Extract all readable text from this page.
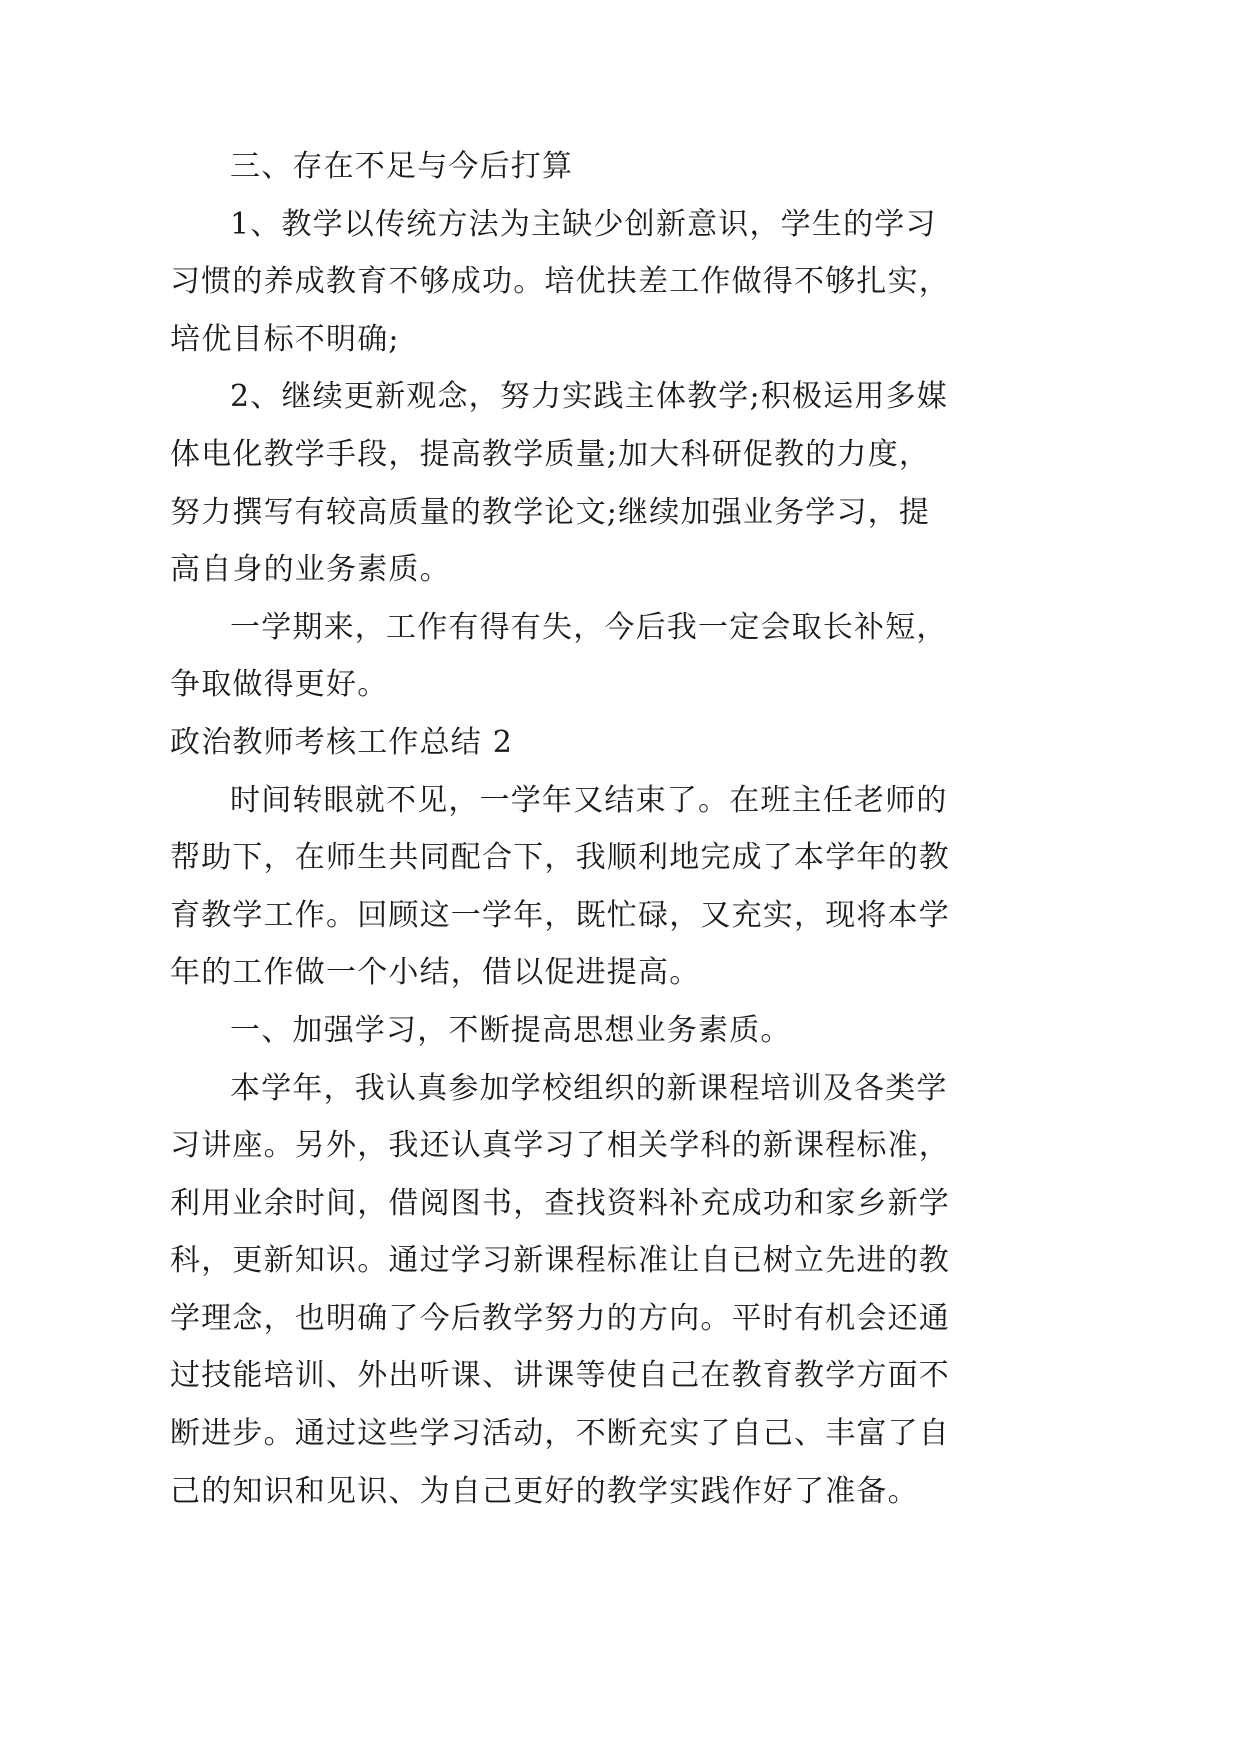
三、存在不足与今后打算

1、教学以传统方法为主缺少创新意识，学生的学习习惯的养成教育不够成功。培优扶差工作做得不够扎实，培优目标不明确;

2、继续更新观念，努力实践主体教学;积极运用多媒体电化教学手段，提高教学质量;加大科研促教的力度，努力撰写有较高质量的教学论文;继续加强业务学习，提高自身的业务素质。

一学期来，工作有得有失，今后我一定会取长补短，争取做得更好。

政治教师考核工作总结 2

时间转眼就不见，一学年又结束了。在班主任老师的帮助下，在师生共同配合下，我顺利地完成了本学年的教育教学工作。回顾这一学年，既忙碌，又充实，现将本学年的工作做一个小结，借以促进提高。

一、加强学习，不断提高思想业务素质。

本学年，我认真参加学校组织的新课程培训及各类学习讲座。另外，我还认真学习了相关学科的新课程标准，利用业余时间，借阅图书，查找资料补充成功和家乡新学科，更新知识。通过学习新课程标准让自已树立先进的教学理念，也明确了今后教学努力的方向。平时有机会还通过技能培训、外出听课、讲课等使自己在教育教学方面不断进步。通过这些学习活动，不断充实了自己、丰富了自己的知识和见识、为自己更好的教学实践作好了准备。
